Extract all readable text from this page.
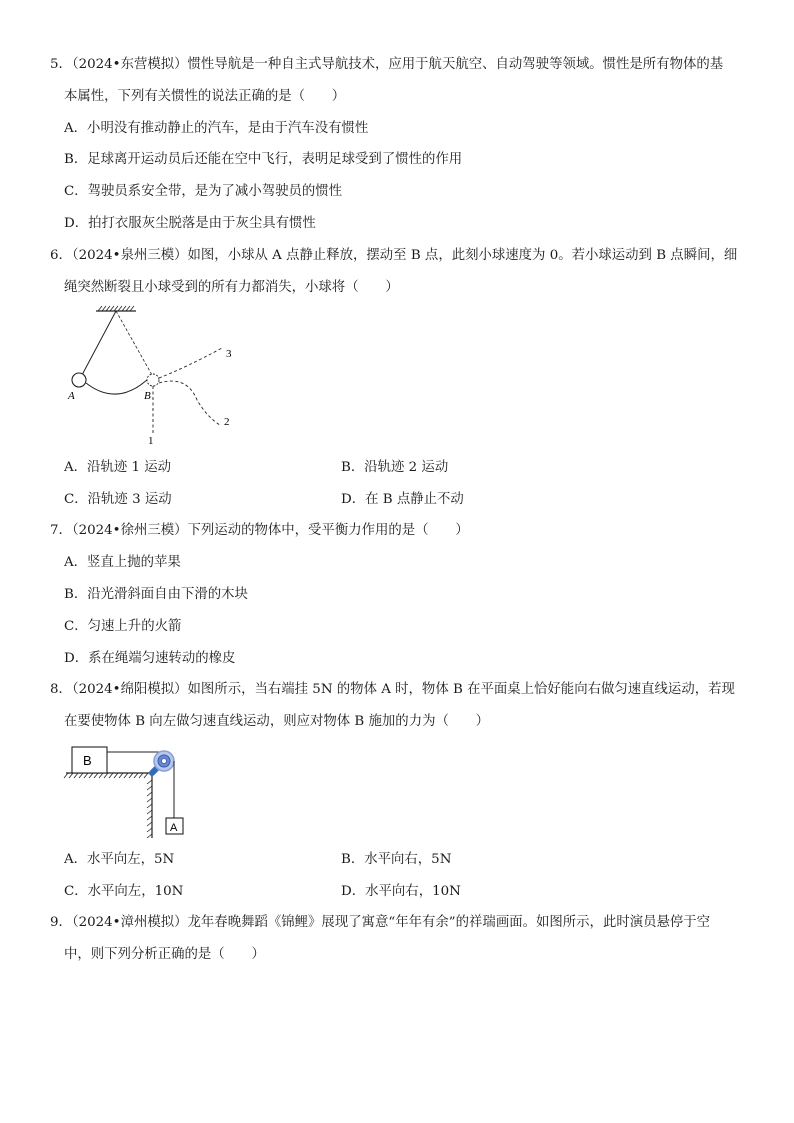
5．（2024•东营模拟）惯性导航是一种自主式导航技术，应用于航天航空、自动驾驶等领域。惯性是所有物体的基
本属性，下列有关惯性的说法正确的是（　　）
A．小明没有推动静止的汽车，是由于汽车没有惯性
B．足球离开运动员后还能在空中飞行，表明足球受到了惯性的作用
C．驾驶员系安全带，是为了减小驾驶员的惯性
D．拍打衣服灰尘脱落是由于灰尘具有惯性
6．（2024•泉州三模）如图，小球从 A 点静止释放，摆动至 B 点，此刻小球速度为 0。若小球运动到 B 点瞬间，细
绳突然断裂且小球受到的所有力都消失，小球将（　　）
A	B
1
2
3
A．沿轨迹 1 运动	B．沿轨迹 2 运动
C．沿轨迹 3 运动	D．在 B 点静止不动
7．（2024•徐州三模）下列运动的物体中，受平衡力作用的是（　　）
A．竖直上抛的苹果
B．沿光滑斜面自由下滑的木块
C．匀速上升的火箭
D．系在绳端匀速转动的橡皮
8．（2024•绵阳模拟）如图所示，当右端挂 5N 的物体 A 时，物体 B 在平面桌上恰好能向右做匀速直线运动，若现
在要使物体 B 向左做匀速直线运动，则应对物体 B 施加的力为（　　）
B
A
A．水平向左，5N	B．水平向右，5N
C．水平向左，10N	D．水平向右，10N
9．（2024•漳州模拟）龙年春晚舞蹈《锦鲤》展现了寓意“年年有余”的祥瑞画面。如图所示，此时演员悬停于空
中，则下列分析正确的是（　　）
